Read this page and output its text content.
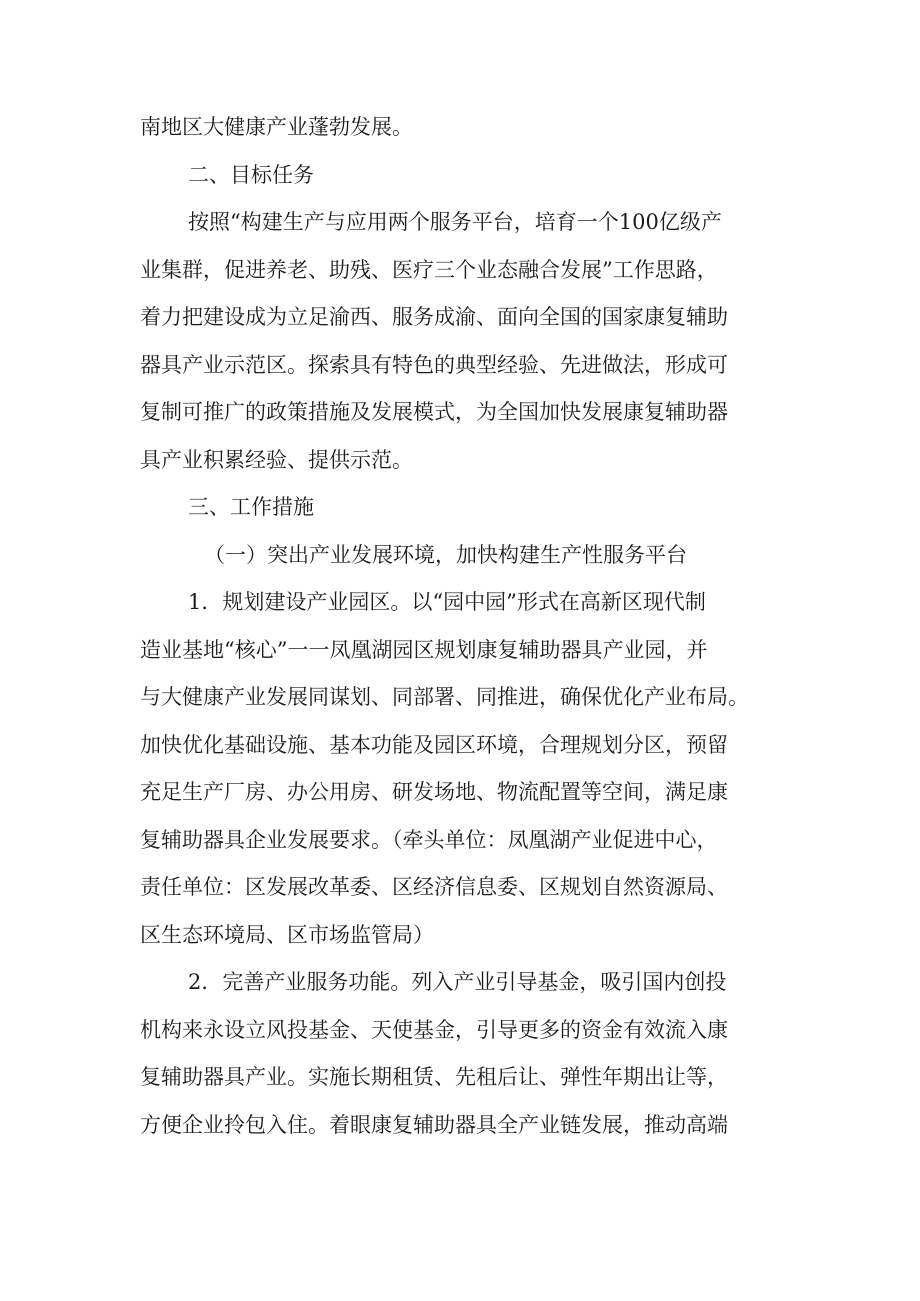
南地区大健康产业蓬勃发展。
二、目标任务
按照“构建生产与应用两个服务平台，培育一个100亿级产
业集群，促进养老、助残、医疗三个业态融合发展”工作思路，
着力把建设成为立足渝西、服务成渝、面向全国的国家康复辅助
器具产业示范区。探索具有特色的典型经验、先进做法，形成可
复制可推广的政策措施及发展模式，为全国加快发展康复辅助器
具产业积累经验、提供示范。
三、工作措施
（一）突出产业发展环境，加快构建生产性服务平台
1．规划建设产业园区。以“园中园”形式在高新区现代制
造业基地“核心”一一凤凰湖园区规划康复辅助器具产业园，并
与大健康产业发展同谋划、同部署、同推进，确保优化产业布局。
加快优化基础设施、基本功能及园区环境，合理规划分区，预留
充足生产厂房、办公用房、研发场地、物流配置等空间，满足康
复辅助器具企业发展要求。（牵头单位：凤凰湖产业促进中心，
责任单位：区发展改革委、区经济信息委、区规划自然资源局、
区生态环境局、区市场监管局）
2．完善产业服务功能。列入产业引导基金，吸引国内创投
机构来永设立风投基金、天使基金，引导更多的资金有效流入康
复辅助器具产业。实施长期租赁、先租后让、弹性年期出让等，
方便企业拎包入住。着眼康复辅助器具全产业链发展，推动高端
